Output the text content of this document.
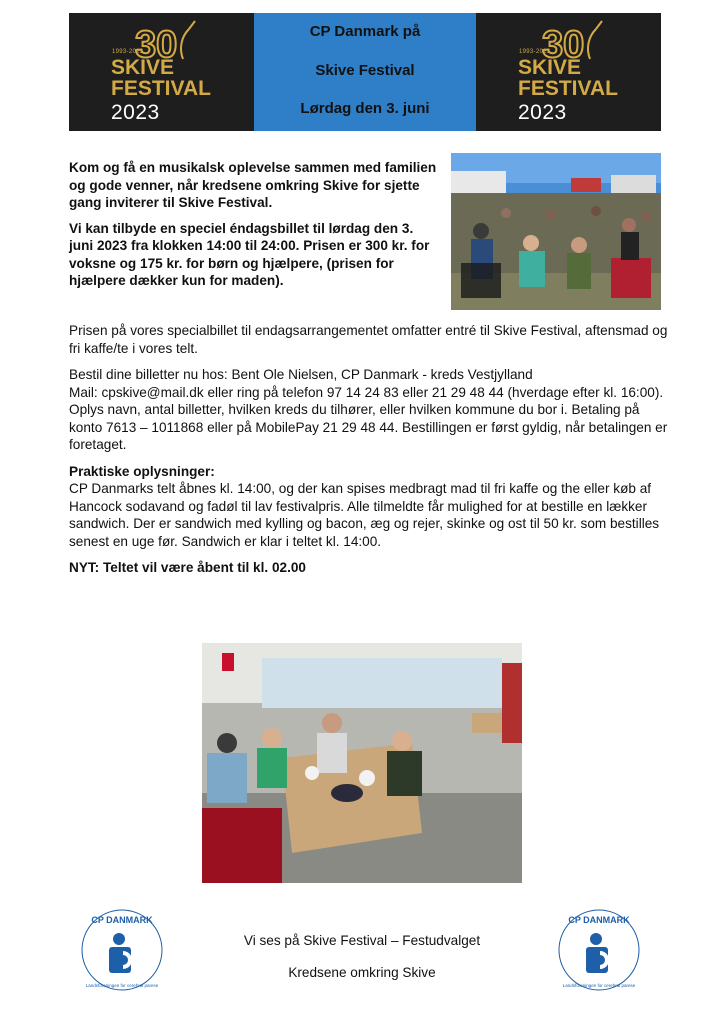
30
1993-2023
SKIVE
FESTIVAL
2023
CP Danmark på
Skive Festival
Lørdag den 3. juni
30
1993-2023
SKIVE
FESTIVAL
2023

Kom og få en musikalsk oplevelse sammen med familien og gode venner, når kredsene omkring Skive for sjette gang inviterer til Skive Festival.

Vi kan tilbyde en speciel éndagsbillet til lørdag den 3. juni 2023 fra klokken 14:00 til 24:00. Prisen er 300 kr. for voksne og 175 kr. for børn og hjælpere, (prisen for hjælpere dækker kun for maden).

Prisen på vores specialbillet til endagsarrangementet omfatter entré til Skive Festival, aftensmad og fri kaffe/te i vores telt.

Bestil dine billetter nu hos: Bent Ole Nielsen, CP Danmark - kreds Vestjylland
Mail: cpskive@mail.dk eller ring på telefon 97 14 24 83 eller 21 29 48 44 (hverdage efter kl. 16:00). Oplys navn, antal billetter, hvilken kreds du tilhører, eller hvilken kommune du bor i. Betaling på konto 7613 – 1011868 eller på MobilePay 21 29 48 44. Bestillingen er først gyldig, når betalingen er foretaget.

Praktiske oplysninger:
CP Danmarks telt åbnes kl. 14:00, og der kan spises medbragt mad til fri kaffe og the eller køb af Hancock sodavand og fadøl til lav festivalpris. Alle tilmeldte får mulighed for at bestille en lækker sandwich. Der er sandwich med kylling og bacon, æg og rejer, skinke og ost til 50 kr. som bestilles senest en uge før. Sandwich er klar i teltet kl. 14:00.

NYT: Teltet vil være åbent til kl. 02.00

CP DANMARK
Landsforeningen for cerebral parese
CP DANMARK
Landsforeningen for cerebral parese
Vi ses på Skive Festival – Festudvalget
Kredsene omkring Skive
